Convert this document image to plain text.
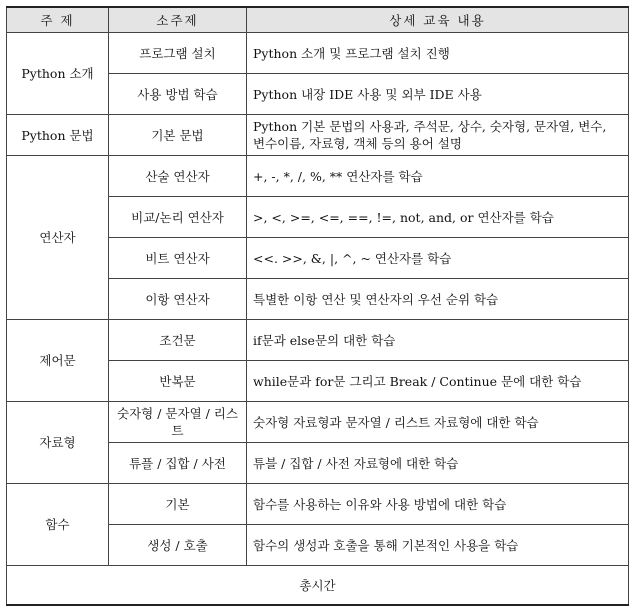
주 제	소주제	상세 교육 내용
Python 소개	프로그램 설치	Python 소개 및 프로그램 설치 진행
	사용 방법 학습	Python 내장 IDE 사용 및 외부 IDE 사용
Python 문법	기본 문법	Python 기본 문법의 사용과, 주석문, 상수, 숫자형, 문자열, 변수, 변수이름, 자료형, 객체 등의 용어 설명
연산자	산술 연산자	+, -, *, /, %, ** 연산자를 학습
	비교/논리 연산자	>, <, >=, <=, ==, !=, not, and, or 연산자를 학습
	비트 연산자	<<. >>, &, |, ^, ~ 연산자를 학습
	이항 연산자	특별한 이항 연산 및 연산자의 우선 순위 학습
제어문	조건문	if문과 else문의 대한 학습
	반복문	while문과 for문 그리고 Break / Continue 문에 대한 학습
자료형	숫자형 / 문자열 / 리스트	숫자형 자료형과 문자열 / 리스트 자료형에 대한 학습
	튜플 / 집합 / 사전	튜블 / 집합 / 사전 자료형에 대한 학습
함수	기본	함수를 사용하는 이유와 사용 방법에 대한 학습
	생성 / 호출	함수의 생성과 호출을 통해 기본적인 사용을 학습
총시간		
